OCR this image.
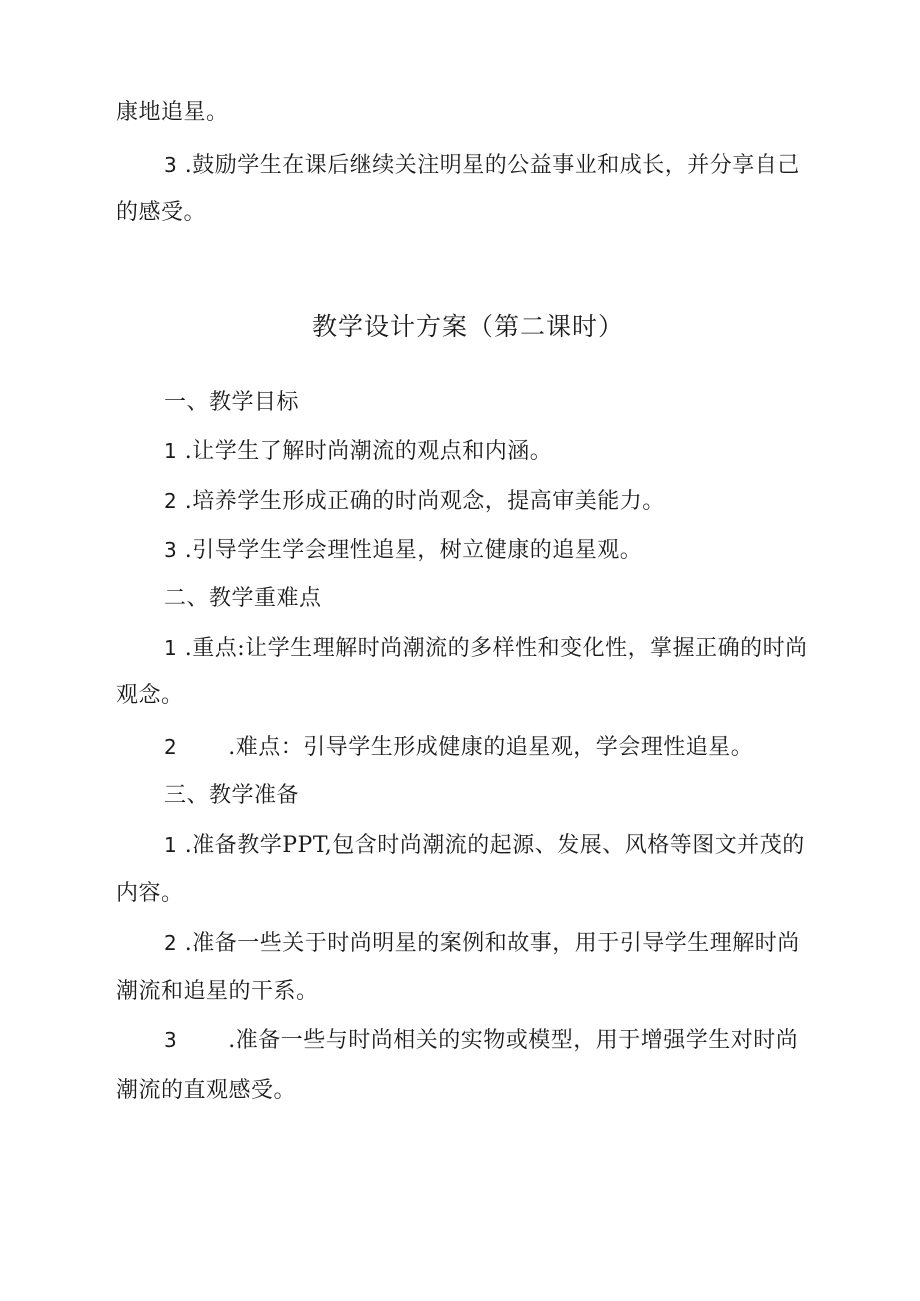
康地追星。
3 .鼓励学生在课后继续关注明星的公益事业和成长，并分享自己
的感受。
教学设计方案（第二课时）
一、教学目标
1 .让学生了解时尚潮流的观点和内涵。
2 .培养学生形成正确的时尚观念，提高审美能力。
3 .引导学生学会理性追星，树立健康的追星观。
二、教学重难点
1 .重点:让学生理解时尚潮流的多样性和变化性，掌握正确的时尚
观念。
2 .难点：引导学生形成健康的追星观，学会理性追星。
三、教学准备
1 .准备教学PPT,包含时尚潮流的起源、发展、风格等图文并茂的
内容。
2 .准备一些关于时尚明星的案例和故事，用于引导学生理解时尚
潮流和追星的干系。
3 .准备一些与时尚相关的实物或模型，用于增强学生对时尚
潮流的直观感受。
